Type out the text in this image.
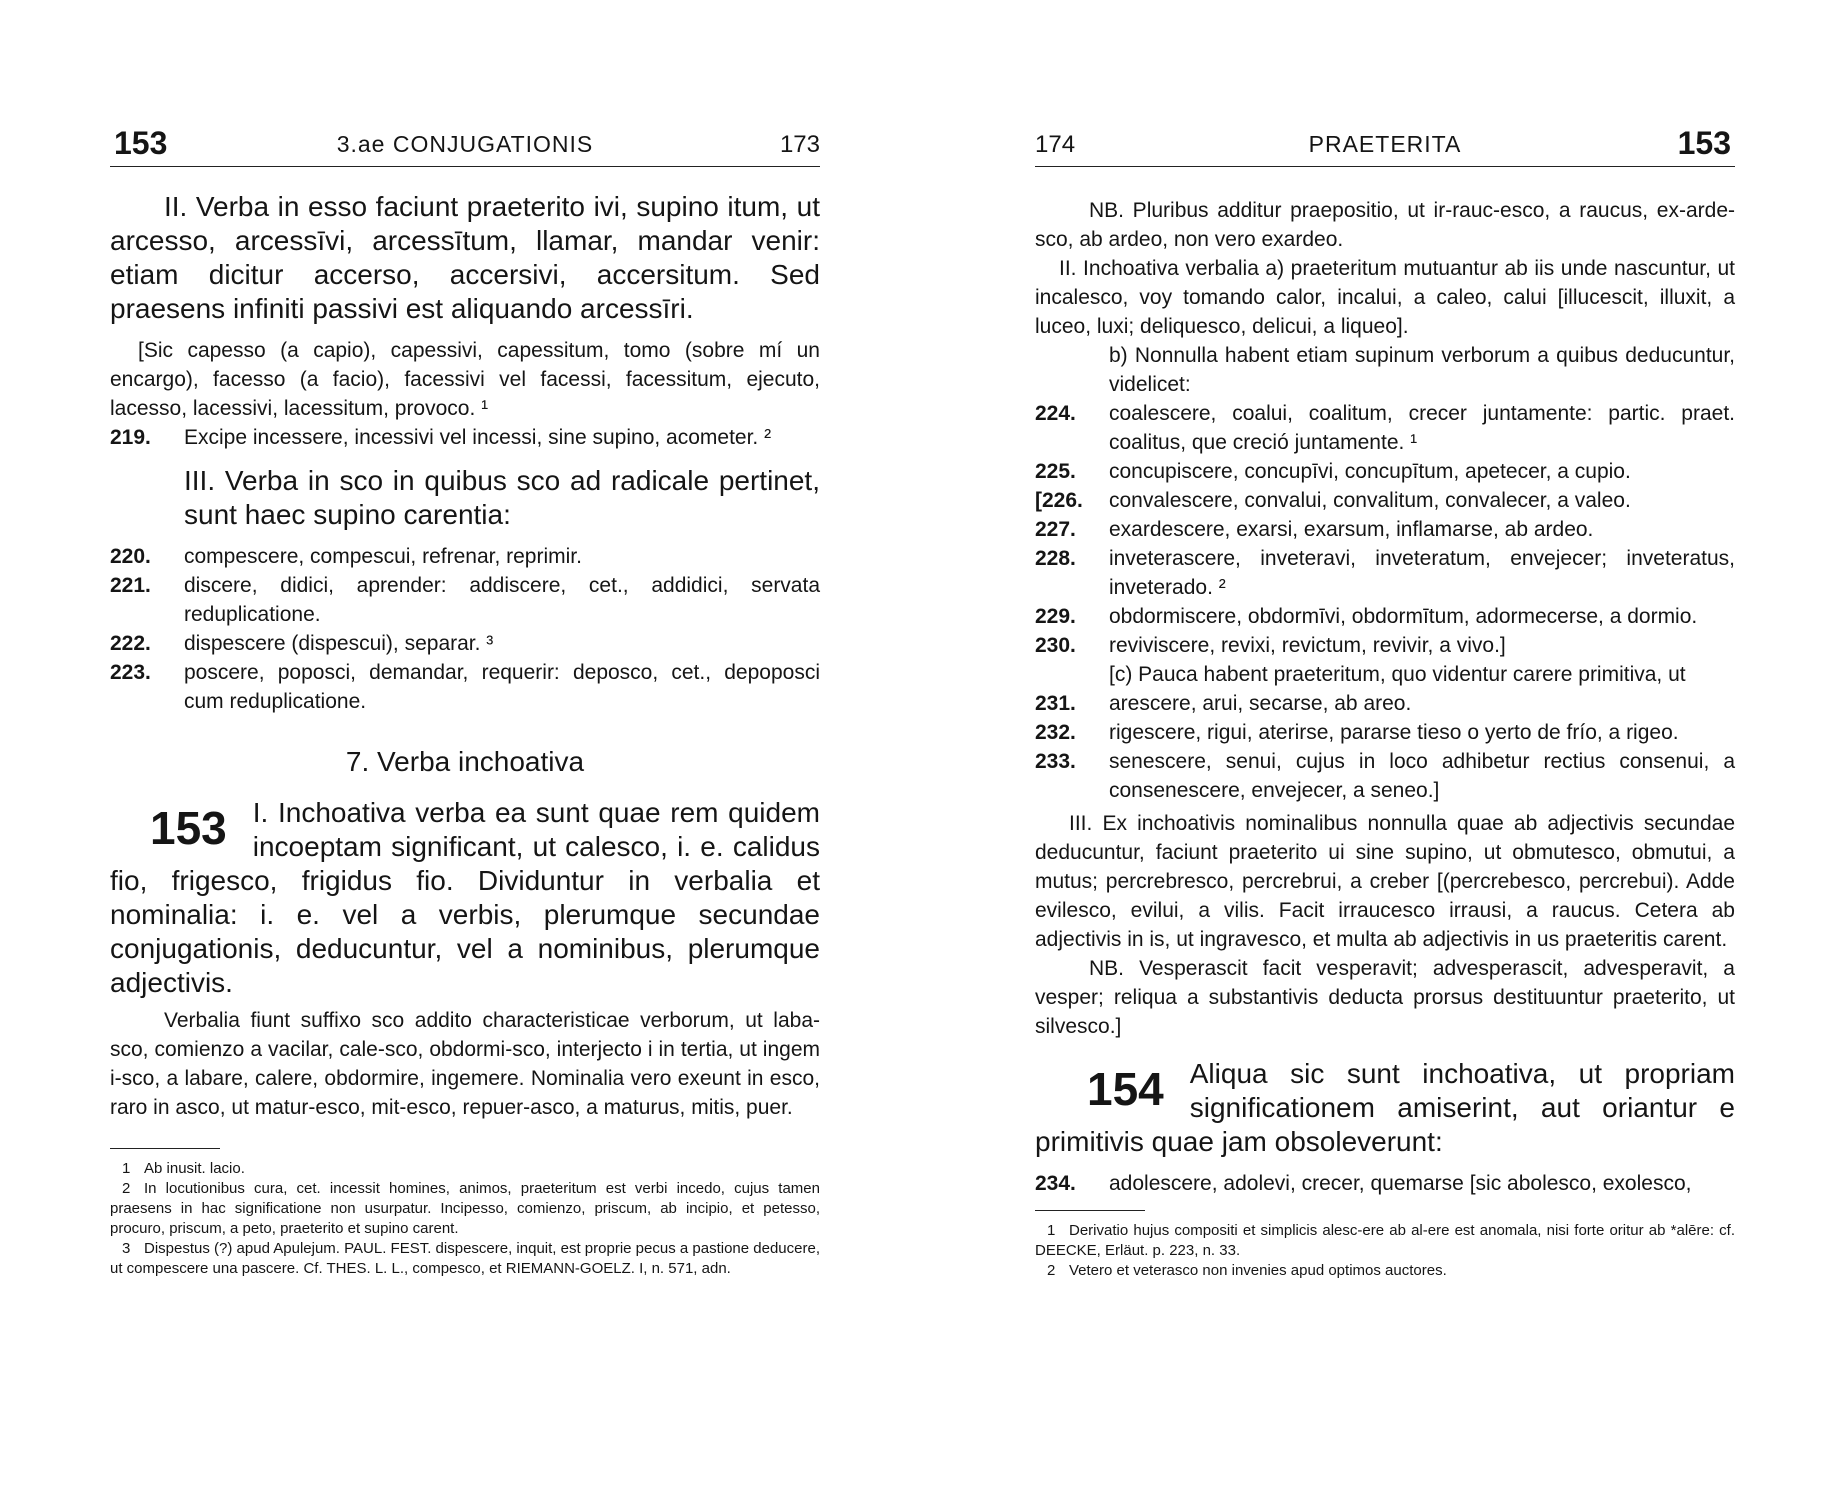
153	3.ae CONJUGATIONIS	173

II. Verba in esso faciunt praeterito ivi, supino itum, ut arcesso, arcessīvi, arcessītum, llamar, mandar venir: etiam dicitur accerso, accersivi, accersitum. Sed praesens infiniti passivi est aliquando arcessīri.

[Sic capesso (a capio), capessivi, capessitum, tomo (sobre mí un encargo), facesso (a facio), facessivi vel facessi, facessitum, ejecuto, lacesso, lacessivi, lacessitum, provoco. ¹

219.	Excipe incessere, incessivi vel incessi, sine supino, acometer. ²

III. Verba in sco in quibus sco ad radicale pertinet, sunt haec supino carentia:

220.	compescere, compescui, refrenar, reprimir.
221.	discere, didici, aprender: addiscere, cet., addidici, servata reduplicatione.
222.	dispescere (dispescui), separar. ³
223.	poscere, poposci, demandar, requerir: deposco, cet., depoposci cum reduplicatione.
7. Verba inchoativa
153 I. Inchoativa verba ea sunt quae rem quidem incoeptam significant, ut calesco, i. e. calidus fio, frigesco, frigidus fio. Dividuntur in verbalia et nominalia: i. e. vel a verbis, plerumque secundae conjugationis, deducuntur, vel a nominibus, plerumque adjectivis.

Verbalia fiunt suffixo sco addito characteristicae verborum, ut laba-sco, comienzo a vacilar, cale-sco, obdormi-sco, interjecto i in tertia, ut ingem i-sco, a labare, calere, obdormire, ingemere. Nominalia vero exeunt in esco, raro in asco, ut matur-esco, mit-esco, repuer-asco, a maturus, mitis, puer.

1 Ab inusit. lacio.

2 In locutionibus cura, cet. incessit homines, animos, praeteritum est verbi incedo, cujus tamen praesens in hac significatione non usurpatur. Incipesso, comienzo, priscum, ab incipio, et petesso, procuro, priscum, a peto, praeterito et supino carent.

3 Dispestus (?) apud Apulejum. PAUL. FEST. dispescere, inquit, est proprie pecus a pastione deducere, ut compescere una pascere. Cf. THES. L. L., compesco, et RIEMANN-GOELZ. I, n. 571, adn.

174	PRAETERITA	153

NB. Pluribus additur praepositio, ut ir-rauc-esco, a raucus, ex-arde-sco, ab ardeo, non vero exardeo.

II. Inchoativa verbalia a) praeteritum mutuantur ab iis unde nascuntur, ut incalesco, voy tomando calor, incalui, a caleo, calui [illucescit, illuxit, a luceo, luxi; deliquesco, delicui, a liqueo].

b) Nonnulla habent etiam supinum verborum a quibus deducuntur, videlicet:

224.	coalescere, coalui, coalitum, crecer juntamente: partic. praet. coalitus, que creció juntamente. ¹
225.	concupiscere, concupīvi, concupītum, apetecer, a cupio.
[226.	convalescere, convalui, convalitum, convalecer, a valeo.
227.	exardescere, exarsi, exarsum, inflamarse, ab ardeo.
228.	inveterascere, inveteravi, inveteratum, envejecer; inveteratus, inveterado. ²
229.	obdormiscere, obdormīvi, obdormītum, adormecerse, a dormio.
230.	reviviscere, revixi, revictum, revivir, a vivo.]

[c) Pauca habent praeteritum, quo videntur carere primitiva, ut

231.	arescere, arui, secarse, ab areo.
232.	rigescere, rigui, aterirse, pararse tieso o yerto de frío, a rigeo.
233.	senescere, senui, cujus in loco adhibetur rectius consenui, a consenescere, envejecer, a seneo.]

III. Ex inchoativis nominalibus nonnulla quae ab adjectivis secundae deducuntur, faciunt praeterito ui sine supino, ut obmutesco, obmutui, a mutus; percrebresco, percrebrui, a creber [(percrebesco, percrebui). Adde evilesco, evilui, a vilis. Facit irraucesco irrausi, a raucus. Cetera ab adjectivis in is, ut ingravesco, et multa ab adjectivis in us praeteritis carent.

NB. Vesperascit facit vesperavit; advesperascit, advesperavit, a vesper; reliqua a substantivis deducta prorsus destituuntur praeterito, ut silvesco.]

154 Aliqua sic sunt inchoativa, ut propriam significationem amiserint, aut oriantur e primitivis quae jam obsoleverunt:

234.	adolescere, adolevi, crecer, quemarse [sic abolesco, exolesco,

1 Derivatio hujus compositi et simplicis alesc-ere ab al-ere est anomala, nisi forte oritur ab *alēre: cf. DEECKE, Erläut. p. 223, n. 33.

2 Vetero et veterasco non invenies apud optimos auctores.
